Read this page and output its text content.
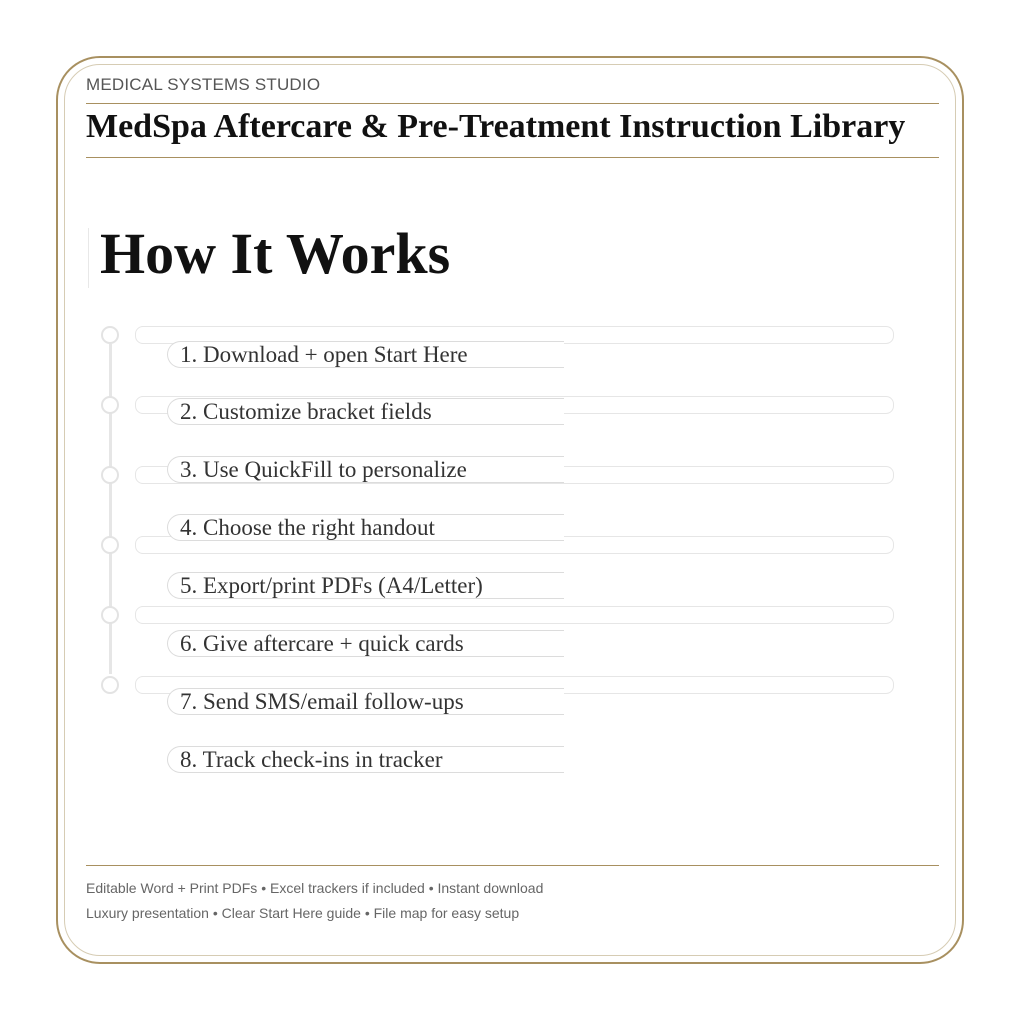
MEDICAL SYSTEMS STUDIO
MedSpa Aftercare & Pre-Treatment Instruction Library
How It Works
1. Download + open Start Here
2. Customize bracket fields
3. Use QuickFill to personalize
4. Choose the right handout
5. Export/print PDFs (A4/Letter)
6. Give aftercare + quick cards
7. Send SMS/email follow-ups
8. Track check-ins in tracker
Editable Word + Print PDFs • Excel trackers if included • Instant download
Luxury presentation • Clear Start Here guide • File map for easy setup
